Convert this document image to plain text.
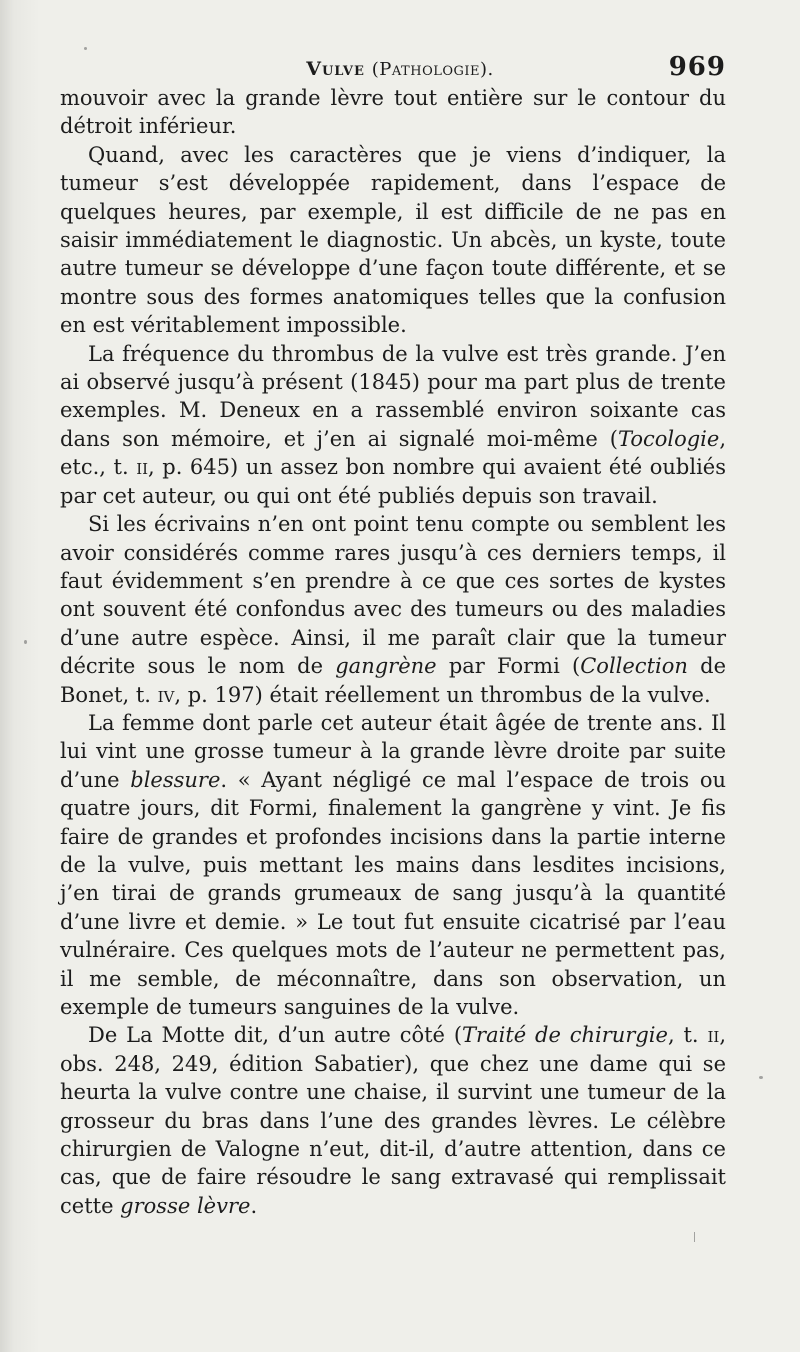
Vulve (Pathologie).	969

mouvoir avec la grande lèvre tout entière sur le contour du détroit inférieur.

Quand, avec les caractères que je viens d’indiquer, la tumeur s’est développée rapidement, dans l’espace de quelques heures, par exemple, il est difficile de ne pas en saisir immédiatement le diagnostic. Un abcès, un kyste, toute autre tumeur se développe d’une façon toute différente, et se montre sous des formes anatomiques telles que la confusion en est véritablement impossible.

La fréquence du thrombus de la vulve est très grande. J’en ai observé jusqu’à présent (1845) pour ma part plus de trente exemples. M. Deneux en a rassemblé environ soixante cas dans son mémoire, et j’en ai signalé moi-même (Tocologie, etc., t. ii, p. 645) un assez bon nombre qui avaient été oubliés par cet auteur, ou qui ont été publiés depuis son travail.

Si les écrivains n’en ont point tenu compte ou semblent les avoir considérés comme rares jusqu’à ces derniers temps, il faut évidemment s’en prendre à ce que ces sortes de kystes ont souvent été confondus avec des tumeurs ou des maladies d’une autre espèce. Ainsi, il me paraît clair que la tumeur décrite sous le nom de gangrène par Formi (Collection de Bonet, t. iv, p. 197) était réellement un thrombus de la vulve.

La femme dont parle cet auteur était âgée de trente ans. Il lui vint une grosse tumeur à la grande lèvre droite par suite d’une blessure. « Ayant négligé ce mal l’espace de trois ou quatre jours, dit Formi, finalement la gangrène y vint. Je fis faire de grandes et profondes incisions dans la partie interne de la vulve, puis mettant les mains dans lesdites incisions, j’en tirai de grands grumeaux de sang jusqu’à la quantité d’une livre et demie. » Le tout fut ensuite cicatrisé par l’eau vulnéraire. Ces quelques mots de l’auteur ne permettent pas, il me semble, de méconnaître, dans son observation, un exemple de tumeurs sanguines de la vulve.

De La Motte dit, d’un autre côté (Traité de chirurgie, t. ii, obs. 248, 249, édition Sabatier), que chez une dame qui se heurta la vulve contre une chaise, il survint une tumeur de la grosseur du bras dans l’une des grandes lèvres. Le célèbre chirurgien de Valogne n’eut, dit-il, d’autre attention, dans ce cas, que de faire résoudre le sang extravasé qui remplissait cette grosse lèvre.
